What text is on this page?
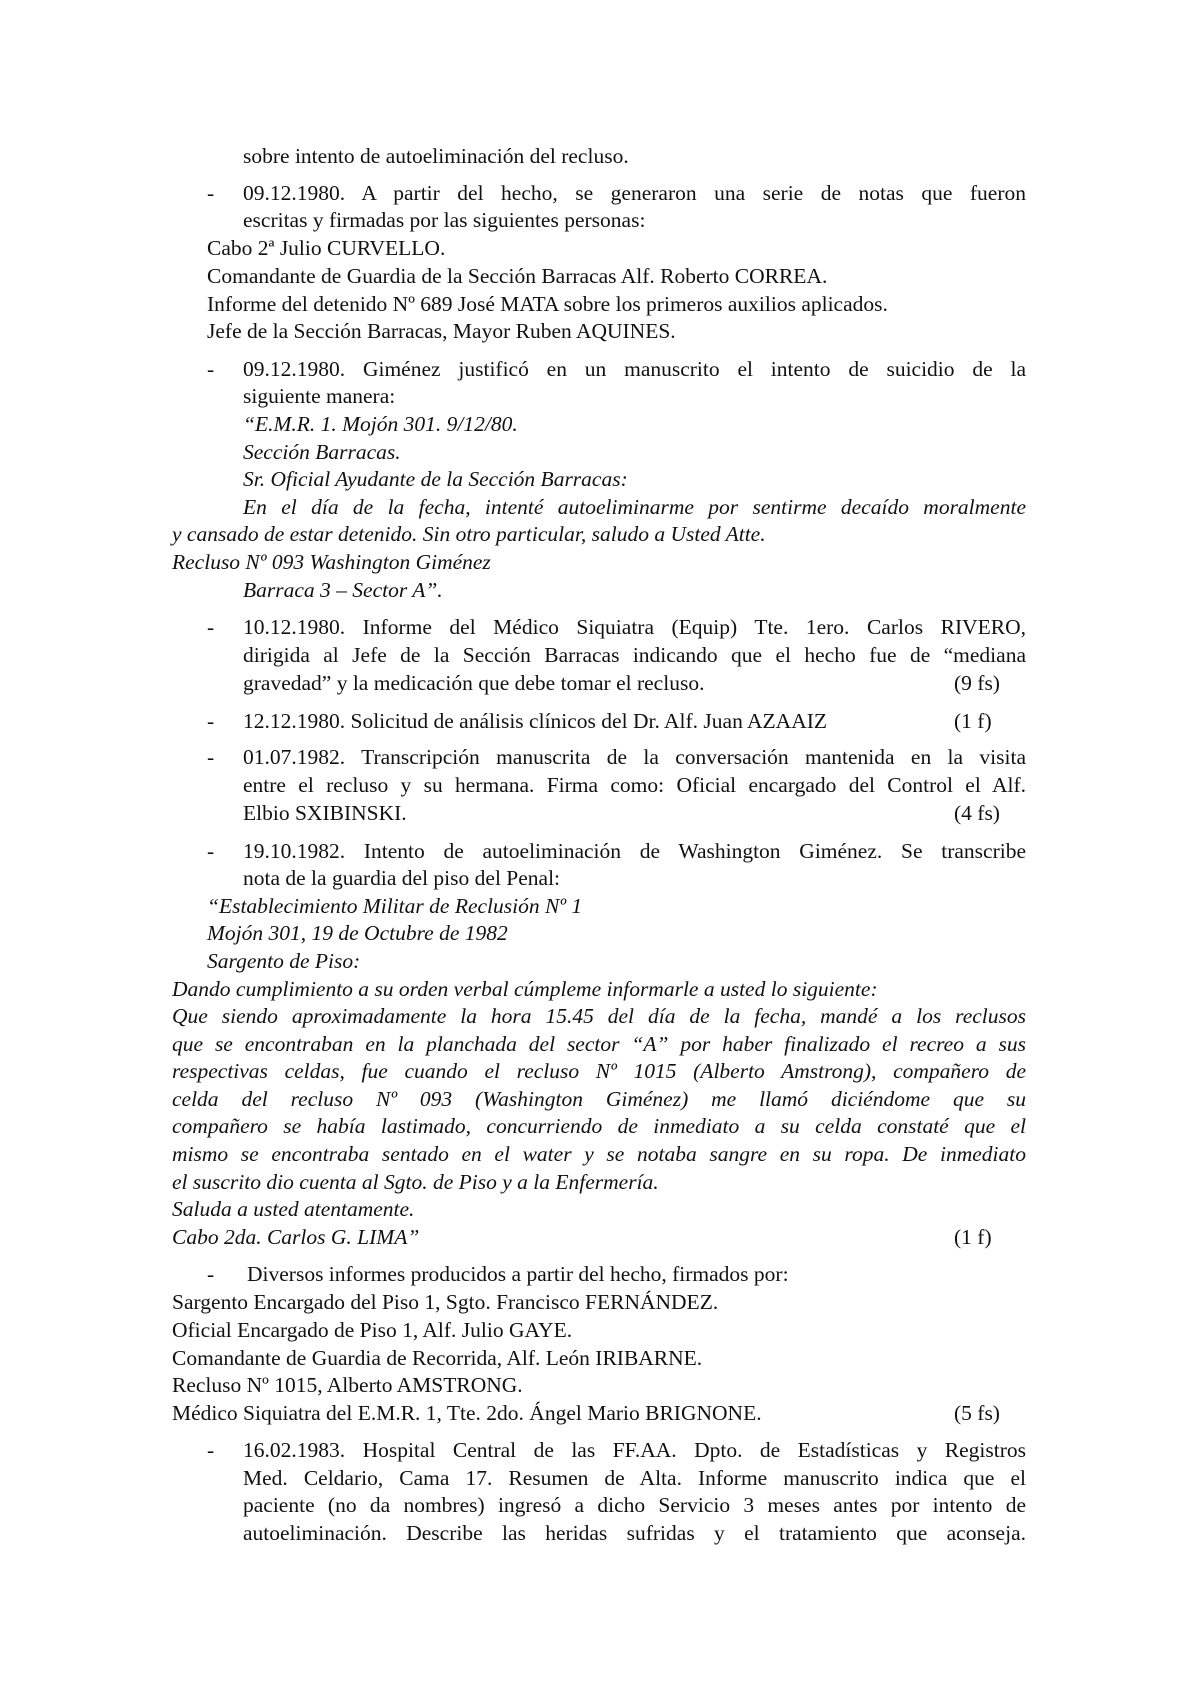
sobre intento de autoeliminación del recluso.
- 09.12.1980. A partir del hecho, se generaron una serie de notas que fueron
escritas y firmadas por las siguientes personas:
Cabo 2ª Julio CURVELLO.
Comandante de Guardia de la Sección Barracas Alf. Roberto CORREA.
Informe del detenido Nº 689 José MATA sobre los primeros auxilios aplicados.
Jefe de la Sección Barracas, Mayor Ruben AQUINES.
- 09.12.1980. Giménez justificó en un manuscrito el intento de suicidio de la
siguiente manera:
“E.M.R. 1. Mojón 301. 9/12/80.
Sección Barracas.
Sr. Oficial Ayudante de la Sección Barracas:
En el día de la fecha, intenté autoeliminarme por sentirme decaído moralmente
y cansado de estar detenido. Sin otro particular, saludo a Usted Atte.
Recluso Nº 093 Washington Giménez
Barraca 3 – Sector A”.
- 10.12.1980. Informe del Médico Siquiatra (Equip) Tte. 1ero. Carlos RIVERO,
dirigida al Jefe de la Sección Barracas indicando que el hecho fue de “mediana
gravedad” y la medicación que debe tomar el recluso.	(9 fs)
- 12.12.1980. Solicitud de análisis clínicos del Dr. Alf. Juan AZAAIZ	(1 f)
- 01.07.1982. Transcripción manuscrita de la conversación mantenida en la visita
entre el recluso y su hermana. Firma como: Oficial encargado del Control el Alf.
Elbio SXIBINSKI.	(4 fs)
- 19.10.1982. Intento de autoeliminación de Washington Giménez. Se transcribe
nota de la guardia del piso del Penal:
“Establecimiento Militar de Reclusión Nº 1
Mojón 301, 19 de Octubre de 1982
Sargento de Piso:
Dando cumplimiento a su orden verbal cúmpleme informarle a usted lo siguiente:
Que siendo aproximadamente la hora 15.45 del día de la fecha, mandé a los reclusos
que se encontraban en la planchada del sector “A” por haber finalizado el recreo a sus
respectivas celdas, fue cuando el recluso Nº 1015 (Alberto Amstrong), compañero de
celda del recluso Nº 093 (Washington Giménez) me llamó diciéndome que su
compañero se había lastimado, concurriendo de inmediato a su celda constaté que el
mismo se encontraba sentado en el water y se notaba sangre en su ropa. De inmediato
el suscrito dio cuenta al Sgto. de Piso y a la Enfermería.
Saluda a usted atentamente.
Cabo 2da. Carlos G. LIMA”	(1 f)
- Diversos informes producidos a partir del hecho, firmados por:
Sargento Encargado del Piso 1, Sgto. Francisco FERNÁNDEZ.
Oficial Encargado de Piso 1, Alf. Julio GAYE.
Comandante de Guardia de Recorrida, Alf. León IRIBARNE.
Recluso Nº 1015, Alberto AMSTRONG.
Médico Siquiatra del E.M.R. 1, Tte. 2do. Ángel Mario BRIGNONE.	(5 fs)
- 16.02.1983. Hospital Central de las FF.AA. Dpto. de Estadísticas y Registros
Med. Celdario, Cama 17. Resumen de Alta. Informe manuscrito indica que el
paciente (no da nombres) ingresó a dicho Servicio 3 meses antes por intento de
autoeliminación. Describe las heridas sufridas y el tratamiento que aconseja.
